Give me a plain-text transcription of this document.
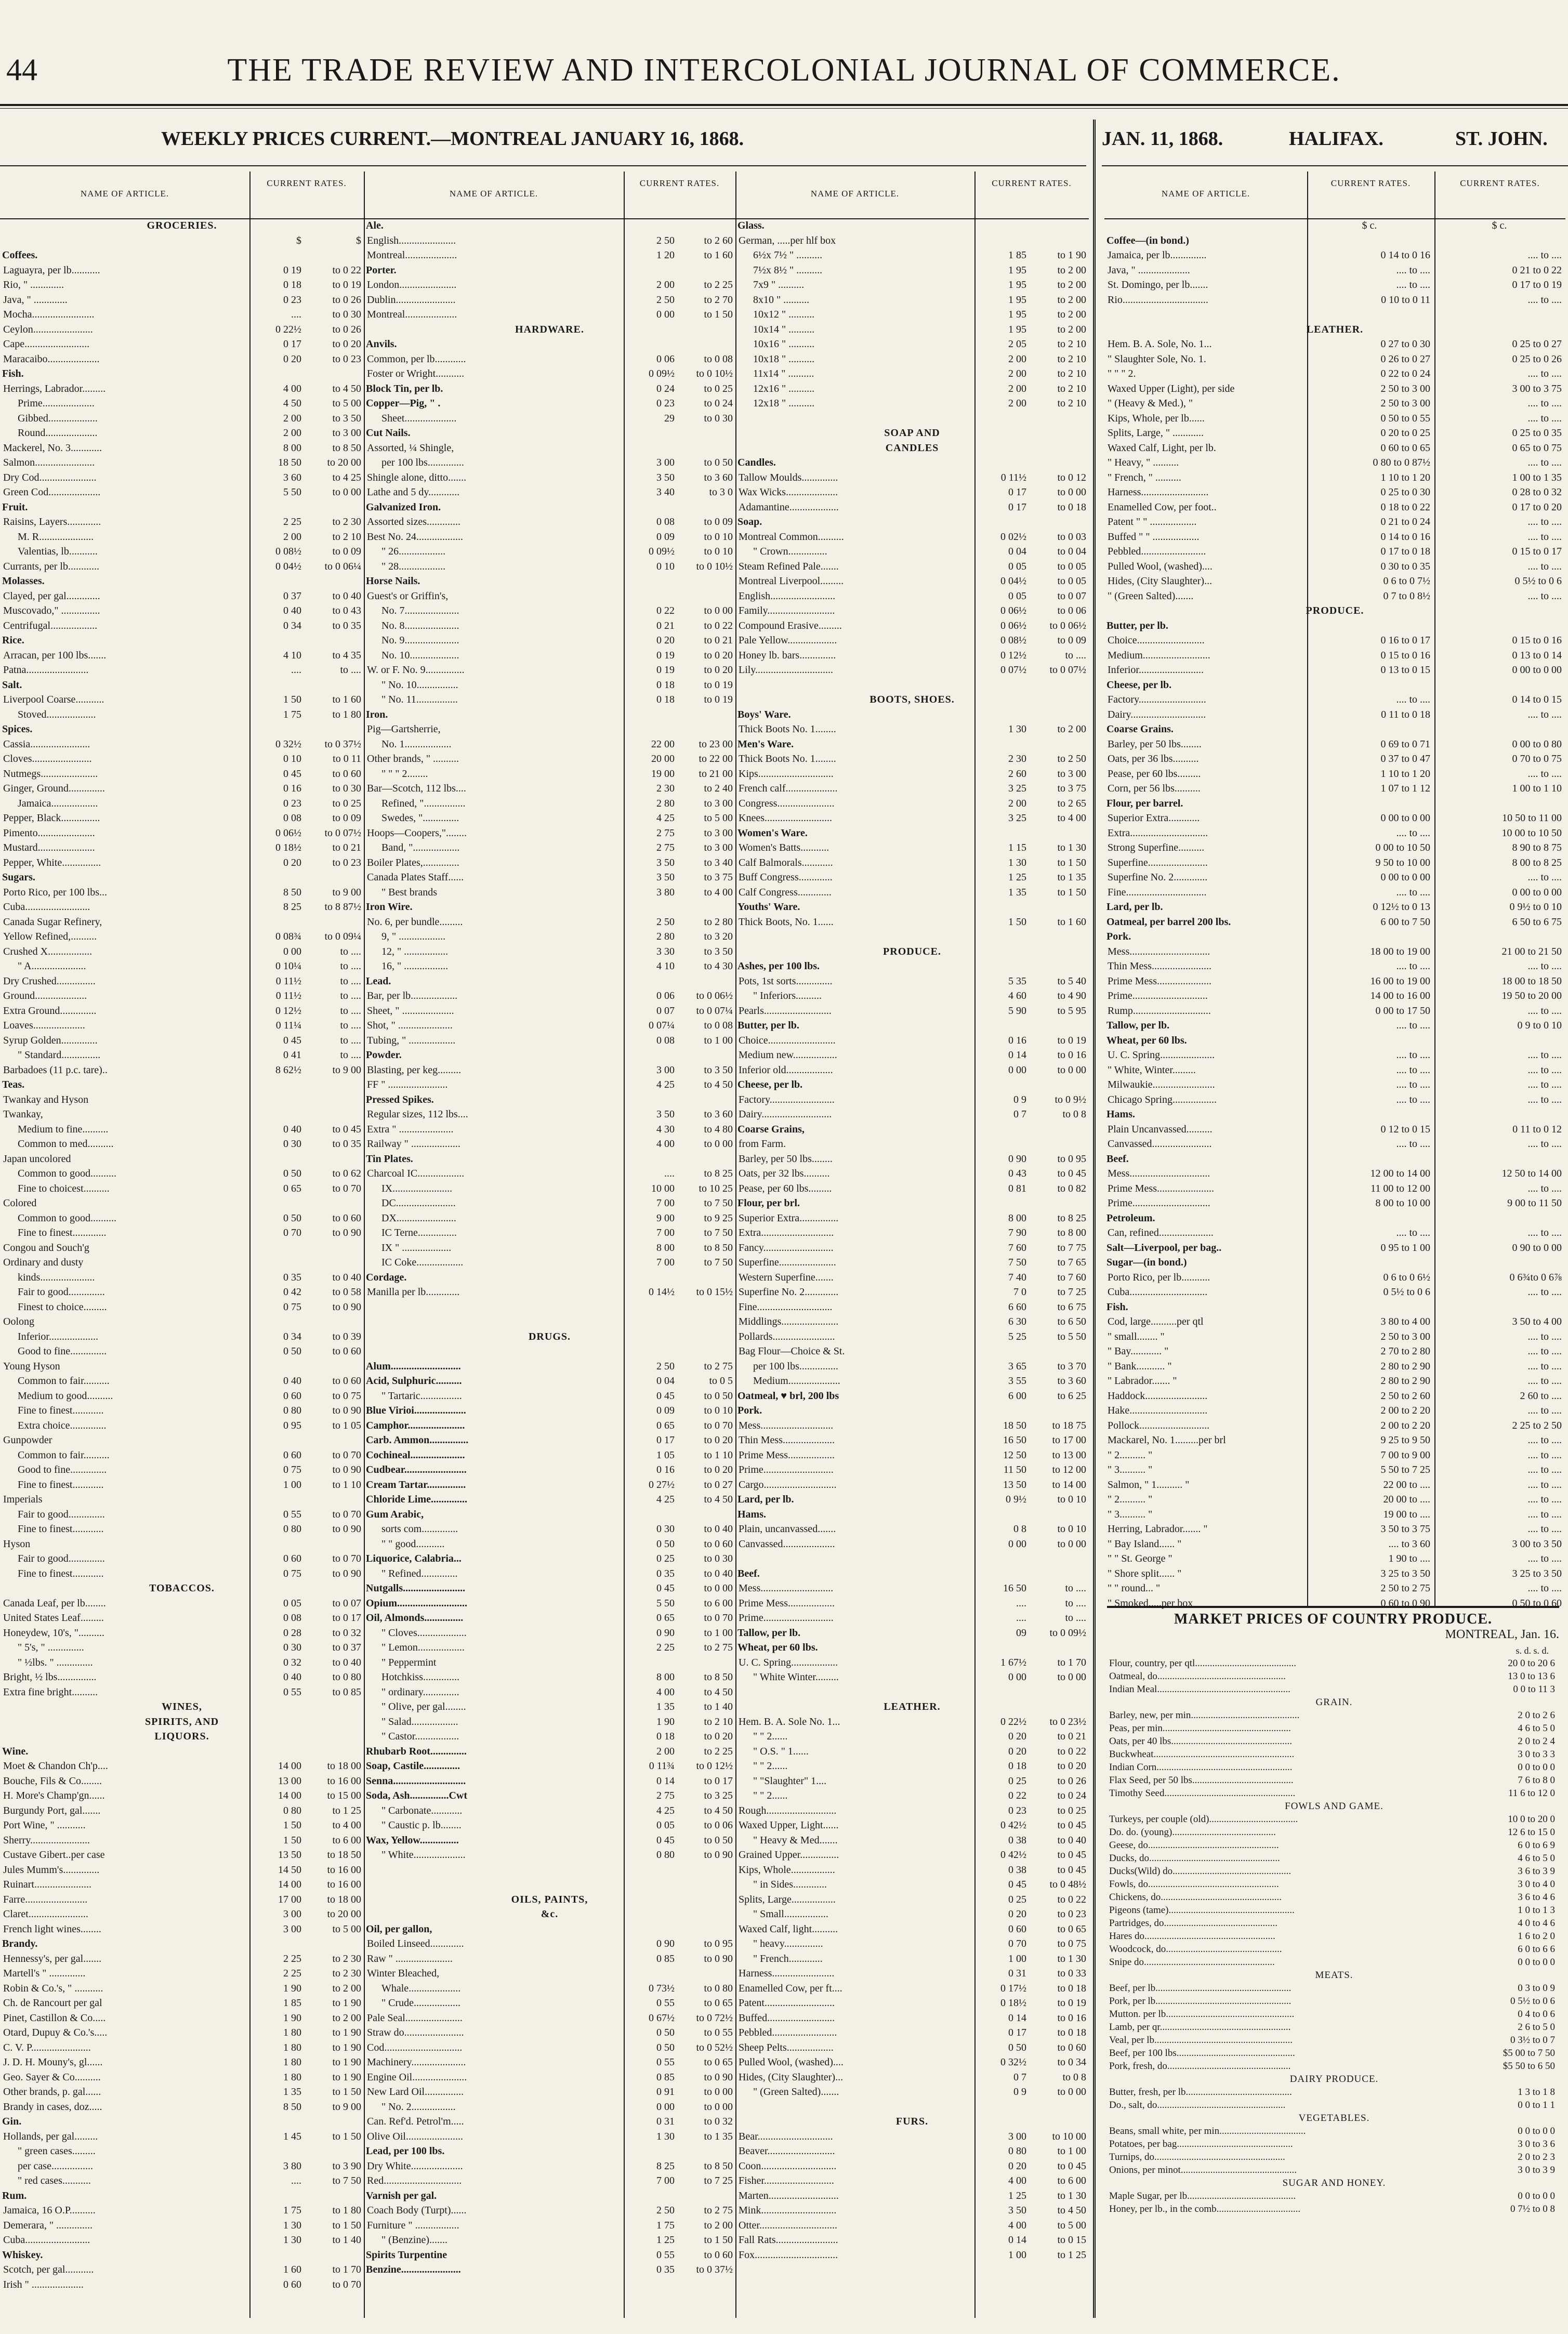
44	THE TRADE REVIEW AND INTERCOLONIAL JOURNAL OF COMMERCE.
WEEKLY PRICES CURRENT.—MONTREAL JANUARY 16, 1868.	JAN. 11, 1868.	HALIFAX.	ST. JOHN.
NAME OF ARTICLE.
CURRENT RATES.
NAME OF ARTICLE.
CURRENT RATES.
NAME OF ARTICLE.
CURRENT RATES.
NAME OF ARTICLE.
CURRENT RATES.	CURRENT RATES.
GROCERIES.
$	$
Coffees.
Laguayra, per lb...........	0 19	to 0 22
Rio, " .............	0 18	to 0 19
Java, " .............	0 23	to 0 26
Mocha........................	....	to 0 30
Ceylon.......................	0 22½	to 0 26
Cape.........................	0 17	to 0 20
Maracaibo....................	0 20	to 0 23
Fish.
Herrings, Labrador.........	4 00	to 4 50
Prime....................	4 50	to 5 00
Gibbed...................	2 00	to 3 50
Round....................	2 00	to 3 00
Mackerel, No. 3............	8 00	to 8 50
Salmon.......................	18 50	to 20 00
Dry Cod......................	3 60	to 4 25
Green Cod....................	5 50	to 0 00
Fruit.
Raisins, Layers.............	2 25	to 2 30
M. R.....................	2 00	to 2 10
Valentias, lb...........	0 08½	to 0 09
Currants, per lb............	0 04½	to 0 06¼
Molasses.
Clayed, per gal.............	0 37	to 0 40
Muscovado," ...............	0 40	to 0 43
Centrifugal..................	0 34	to 0 35
Rice.
Arracan, per 100 lbs.......	4 10	to 4 35
Patna........................	....	to ....
Salt.
Liverpool Coarse...........	1 50	to 1 60
Stoved...................	1 75	to 1 80
Spices.
Cassia.......................	0 32½	to 0 37½
Cloves.......................	0 10	to 0 11
Nutmegs......................	0 45	to 0 60
Ginger, Ground..............	0 16	to 0 30
Jamaica..................	0 23	to 0 25
Pepper, Black...............	0 08	to 0 09
Pimento......................	0 06½	to 0 07½
Mustard......................	0 18½	to 0 21
Pepper, White...............	0 20	to 0 23
Sugars.
Porto Rico, per 100 lbs...	8 50	to 9 00
Cuba.........................	8 25	to 8 87½
Canada Sugar Refinery,
Yellow Refined,..........	0 08¾	to 0 09¼
Crushed X.................	0 00	to ....
" A.....................	0 10¼	to ....
Dry Crushed...............	0 11½	to ....
Ground....................	0 11½	to ....
Extra Ground..............	0 12½	to ....
Loaves....................	0 11¼	to ....
Syrup Golden..............	0 45	to ....
" Standard...............	0 41	to ....
Barbadoes (11 p.c. tare)..	8 62½	to 9 00
Teas.
Twankay and Hyson
Twankay,
Medium to fine..........	0 40	to 0 45
Common to med..........	0 30	to 0 35
Japan uncolored
Common to good..........	0 50	to 0 62
Fine to choicest..........	0 65	to 0 70
Colored
Common to good..........	0 50	to 0 60
Fine to finest.............	0 70	to 0 90
Congou and Souch'g
Ordinary and dusty
kinds.....................	0 35	to 0 40
Fair to good..............	0 42	to 0 58
Finest to choice.........	0 75	to 0 90
Oolong
Inferior...................	0 34	to 0 39
Good to fine..............	0 50	to 0 60
Young Hyson
Common to fair..........	0 40	to 0 60
Medium to good..........	0 60	to 0 75
Fine to finest............	0 80	to 0 90
Extra choice..............	0 95	to 1 05
Gunpowder
Common to fair..........	0 60	to 0 70
Good to fine..............	0 75	to 0 90
Fine to finest............	1 00	to 1 10
Imperials
Fair to good..............	0 55	to 0 70
Fine to finest............	0 80	to 0 90
Hyson
Fair to good..............	0 60	to 0 70
Fine to finest............	0 75	to 0 90
TOBACCOS.
Canada Leaf, per lb........	0 05	to 0 07
United States Leaf.........	0 08	to 0 17
Honeydew, 10's, "..........	0 28	to 0 32
" 5's, " ..............	0 30	to 0 37
" ½lbs. " ..............	0 32	to 0 40
Bright, ½ lbs...............	0 40	to 0 80
Extra fine bright..........	0 55	to 0 85
WINES,
SPIRITS, AND
LIQUORS.
Wine.
Moet & Chandon Ch'p....	14 00	to 18 00
Bouche, Fils & Co........	13 00	to 16 00
H. More's Champ'gn......	14 00	to 15 00
Burgundy Port, gal.......	0 80	to 1 25
Port Wine, " ...........	1 50	to 4 00
Sherry.......................	1 50	to 6 00
Custave Gibert..per case	13 50	to 18 50
Jules Mumm's..............	14 50	to 16 00
Ruinart......................	14 00	to 16 00
Farre........................	17 00	to 18 00
Claret.......................	3 00	to 20 00
French light wines........	3 00	to 5 00
Brandy.
Hennessy's, per gal.......	2 25	to 2 30
Martell's " ..............	2 25	to 2 30
Robin & Co.'s, " ...........	1 90	to 2 00
Ch. de Rancourt per gal	1 85	to 1 90
Pinet, Castillon & Co.....	1 90	to 2 00
Otard, Dupuy & Co.'s.....	1 80	to 1 90
C. V. P.......................	1 80	to 1 90
J. D. H. Mouny's, gl......	1 80	to 1 90
Geo. Sayer & Co..........	1 80	to 1 90
Other brands, p. gal......	1 35	to 1 50
Brandy in cases, doz.....	8 50	to 9 00
Gin.
Hollands, per gal.........	1 45	to 1 50
" green cases.........
per case................	3 80	to 3 90
" red cases...........	....	to 7 50
Rum.
Jamaica, 16 O.P..........	1 75	to 1 80
Demerara, " ..............	1 30	to 1 50
Cuba.........................	1 30	to 1 40
Whiskey.
Scotch, per gal...........	1 60	to 1 70
Irish " ....................	0 60	to 0 70
Ale.
English......................	2 50	to 2 60
Montreal....................	1 20	to 1 60
Porter.
London......................	2 00	to 2 25
Dublin.......................	2 50	to 2 70
Montreal....................	0 00	to 1 50
HARDWARE.
Anvils.
Common, per lb............	0 06	to 0 08
Foster or Wright...........	0 09½	to 0 10½
Block Tin, per lb.	0 24	to 0 25
Copper—Pig, " .	0 23	to 0 24
Sheet....................	29	to 0 30
Cut Nails.
Assorted, ¼ Shingle,
per 100 lbs..............	3 00	to 0 50
Shingle alone, ditto.......	3 50	to 3 60
Lathe and 5 dy............	3 40	to 3 0
Galvanized Iron.
Assorted sizes.............	0 08	to 0 09
Best No. 24..................	0 09	to 0 10
" 26..................	0 09½	to 0 10
" 28..................	0 10	to 0 10½
Horse Nails.
Guest's or Griffin's,
No. 7.....................	0 22	to 0 00
No. 8.....................	0 21	to 0 22
No. 9.....................	0 20	to 0 21
No. 10...................	0 19	to 0 20
W. or F. No. 9...............	0 19	to 0 20
" No. 10................	0 18	to 0 19
" No. 11................	0 18	to 0 19
Iron.
Pig—Gartsherrie,
No. 1..................	22 00	to 23 00
Other brands, " ..........	20 00	to 22 00
" " " 2........	19 00	to 21 00
Bar—Scotch, 112 lbs....	2 30	to 2 40
Refined, "................	2 80	to 3 00
Swedes, "..............	4 25	to 5 00
Hoops—Coopers,"........	2 75	to 3 00
Band, "..................	2 75	to 3 00
Boiler Plates,..............	3 50	to 3 40
Canada Plates Staff......	3 50	to 3 75
" Best brands	3 80	to 4 00
Iron Wire.
No. 6, per bundle.........	2 50	to 2 80
9, " ..................	2 80	to 3 20
12, " .................	3 30	to 3 50
16, " .................	4 10	to 4 30
Lead.
Bar, per lb..................	0 06	to 0 06½
Sheet, " ....................	0 07	to 0 07¼
Shot, " .....................	0 07¼	to 0 08
Tubing, " ..................	0 08	to 1 00
Powder.
Blasting, per keg.........	3 00	to 3 50
FF " .......................	4 25	to 4 50
Pressed Spikes.
Regular sizes, 112 lbs....	3 50	to 3 60
Extra " .....................	4 30	to 4 80
Railway " ...................	4 00	to 0 00
Tin Plates.
Charcoal IC..................	....	to 8 25
IX.......................	10 00	to 10 25
DC.......................	7 00	to 7 50
DX.......................	9 00	to 9 25
IC Terne...............	7 00	to 7 50
IX " ...................	8 00	to 8 50
IC Coke..................	7 00	to 7 50
Cordage.
Manilla per lb.............	0 14½	to 0 15½
DRUGS.
Alum...........................	2 50	to 2 75
Acid, Sulphuric..........	0 04	to 0 5
" Tartaric................	0 45	to 0 50
Blue Virioi....................	0 09	to 0 10
Camphor......................	0 65	to 0 70
Carb. Ammon...............	0 17	to 0 20
Cochineal.....................	1 05	to 1 10
Cudbear........................	0 16	to 0 20
Cream Tartar...............	0 27½	to 0 27
Chloride Lime..............	4 25	to 4 50
Gum Arabic,
sorts com..............	0 30	to 0 40
" " good...........	0 50	to 0 60
Liquorice, Calabria...	0 25	to 0 30
" Refined..............	0 35	to 0 40
Nutgalls........................	0 45	to 0 00
Opium...........................	5 50	to 6 00
Oil, Almonds...............	0 65	to 0 70
" Cloves...................	0 90	to 1 00
" Lemon..................	2 25	to 2 75
" Peppermint
Hotchkiss..............	8 00	to 8 50
" ordinary..............	4 00	to 4 50
" Olive, per gal........	1 35	to 1 40
" Salad..................	1 90	to 2 10
" Castor.................	0 18	to 0 20
Rhubarb Root..............	2 00	to 2 25
Soap, Castile..............	0 11¾	to 0 12½
Senna............................	0 14	to 0 17
Soda, Ash...............Cwt	2 75	to 3 25
" Carbonate............	4 25	to 4 50
" Caustic p. lb........	0 05	to 0 06
Wax, Yellow...............	0 45	to 0 50
" White....................	0 80	to 0 90
OILS, PAINTS,
&c.
Oil, per gallon,
Boiled Linseed.............	0 90	to 0 95
Raw " ......................	0 85	to 0 90
Winter Bleached,
Whale....................	0 73½	to 0 80
" Crude..................	0 55	to 0 65
Pale Seal......................	0 67½	to 0 72½
Straw do.......................	0 50	to 0 55
Cod..............................	0 50	to 0 52½
Machinery.....................	0 55	to 0 65
Engine Oil.....................	0 85	to 0 90
New Lard Oil...............	0 91	to 0 00
" No. 2.................	0 00	to 0 00
Can. Ref'd. Petrol'm.....	0 31	to 0 32
Olive Oil......................	1 30	to 1 35
Lead, per 100 lbs.
Dry White....................	8 25	to 8 50
Red..............................	7 00	to 7 25
Varnish per gal.
Coach Body (Turpt)......	2 50	to 2 75
Furniture " .................	1 75	to 2 00
" (Benzine).......	1 25	to 1 50
Spirits Turpentine	0 55	to 0 60
Benzine.......................	0 35	to 0 37½
Glass.
German, .....per hlf box
6½x 7½ " ..........	1 85	to 1 90
7½x 8½ " ..........	1 95	to 2 00
7x9 " ..........	1 95	to 2 00
8x10 " ..........	1 95	to 2 00
10x12 " ..........	1 95	to 2 00
10x14 " ..........	1 95	to 2 00
10x16 " ..........	2 05	to 2 10
10x18 " ..........	2 00	to 2 10
11x14 " ..........	2 00	to 2 10
12x16 " ..........	2 00	to 2 10
12x18 " ..........	2 00	to 2 10
SOAP AND
CANDLES
Candles.
Tallow Moulds..............	0 11½	to 0 12
Wax Wicks....................	0 17	to 0 00
Adamantine...................	0 17	to 0 18
Soap.
Montreal Common..........	0 02½	to 0 03
" Crown...............	0 04	to 0 04
Steam Refined Pale.......	0 05	to 0 05
Montreal Liverpool.........	0 04½	to 0 05
English.........................	0 05	to 0 07
Family..........................	0 06½	to 0 06
Compound Erasive.........	0 06½	to 0 06½
Pale Yellow...................	0 08½	to 0 09
Honey lb. bars..............	0 12½	to ....
Lily..............................	0 07½	to 0 07½
BOOTS, SHOES.
Boys' Ware.
Thick Boots No. 1........	1 30	to 2 00
Men's Ware.
Thick Boots No. 1........	2 30	to 2 50
Kips.............................	2 60	to 3 00
French calf....................	3 25	to 3 75
Congress......................	2 00	to 2 65
Knees..........................	3 25	to 4 00
Women's Ware.
Women's Batts...........	1 15	to 1 30
Calf Balmorals............	1 30	to 1 50
Buff Congress.............	1 25	to 1 35
Calf Congress.............	1 35	to 1 50
Youths' Ware.
Thick Boots, No. 1......	1 50	to 1 60
PRODUCE.
Ashes, per 100 lbs.
Pots, 1st sorts..............	5 35	to 5 40
" Inferiors..........	4 60	to 4 90
Pearls..........................	5 90	to 5 95
Butter, per lb.
Choice..........................	0 16	to 0 19
Medium new.................	0 14	to 0 16
Inferior old..................	0 00	to 0 00
Cheese, per lb.
Factory.........................	0 9	to 0 9½
Dairy...........................	0 7	to 0 8
Coarse Grains,
from Farm.
Barley, per 50 lbs........	0 90	to 0 95
Oats, per 32 lbs..........	0 43	to 0 45
Pease, per 60 lbs.........	0 81	to 0 82
Flour, per brl.
Superior Extra...............	8 00	to 8 25
Extra............................	7 90	to 8 00
Fancy...........................	7 60	to 7 75
Superfine......................	7 50	to 7 65
Western Superfine.......	7 40	to 7 60
Superfine No. 2.............	7 0	to 7 25
Fine.............................	6 60	to 6 75
Middlings......................	6 30	to 6 50
Pollards........................	5 25	to 5 50
Bag Flour—Choice & St.
per 100 lbs...............	3 65	to 3 70
Medium....................	3 55	to 3 60
Oatmeal, ♥ brl, 200 lbs	6 00	to 6 25
Pork.
Mess............................	18 50	to 18 75
Thin Mess....................	16 50	to 17 00
Prime Mess..................	12 50	to 13 00
Prime...........................	11 50	to 12 00
Cargo............................	13 50	to 14 00
Lard, per lb.	0 9½	to 0 10
Hams.
Plain, uncanvassed.......	0 8	to 0 10
Canvassed....................	0 00	to 0 00
Beef.
Mess............................	16 50	to ....
Prime Mess..................	....	to ....
Prime...........................	....	to ....
Tallow, per lb.	09	to 0 09½
Wheat, per 60 lbs.
U. C. Spring..................	1 67½	to 1 70
" White Winter.........	0 00	to 0 00
LEATHER.
Hem. B. A. Sole No. 1...	0 22½	to 0 23½
" " 2......	0 20	to 0 21
" O.S. " 1......	0 20	to 0 22
" " 2......	0 18	to 0 20
" "Slaughter" 1....	0 25	to 0 26
" " 2......	0 22	to 0 24
Rough...........................	0 23	to 0 25
Waxed Upper, Light......	0 42½	to 0 45
" Heavy & Med.......	0 38	to 0 40
Grained Upper...............	0 42½	to 0 45
Kips, Whole.................	0 38	to 0 45
" in Sides.............	0 45	to 0 48½
Splits, Large.................	0 25	to 0 22
" Small.................	0 20	to 0 23
Waxed Calf, light..........	0 60	to 0 65
" heavy...............	0 70	to 0 75
" French.............	1 00	to 1 30
Harness........................	0 31	to 0 33
Enamelled Cow, per ft....	0 17½	to 0 18
Patent...........................	0 18½	to 0 19
Buffed..........................	0 14	to 0 16
Pebbled.........................	0 17	to 0 18
Sheep Pelts..................	0 50	to 0 60
Pulled Wool, (washed)....	0 32½	to 0 34
Hides, (City Slaughter)...	0 7	to 0 8
" (Green Salted).......	0 9	to 0 00
FURS.
Bear.............................	3 00	to 10 00
Beaver..........................	0 80	to 1 00
Coon.............................	0 20	to 0 45
Fisher...........................	4 00	to 6 00
Marten...........................	1 25	to 1 30
Mink.............................	3 50	to 4 50
Otter..............................	4 00	to 5 00
Fall Rats........................	0 14	to 0 15
Fox................................	1 00	to 1 25
$ c.	$ c.
Coffee—(in bond.)
Jamaica, per lb..............	0 14 to 0 16	.... to ....
Java, " ....................	.... to ....	0 21 to 0 22
St. Domingo, per lb.......	.... to ....	0 17 to 0 19
Rio.................................	0 10 to 0 11	.... to ....
LEATHER.
Hem. B. A. Sole, No. 1...	0 27 to 0 30	0 25 to 0 27
" Slaughter Sole, No. 1.	0 26 to 0 27	0 25 to 0 26
" " " 2.	0 22 to 0 24	.... to ....
Waxed Upper (Light), per side	2 50 to 3 00	3 00 to 3 75
" (Heavy & Med.), "	2 50 to 3 00	.... to ....
Kips, Whole, per lb......	0 50 to 0 55	.... to ....
Splits, Large, " ............	0 20 to 0 25	0 25 to 0 35
Waxed Calf, Light, per lb.	0 60 to 0 65	0 65 to 0 75
" Heavy, " ..........	0 80 to 0 87½	.... to ....
" French, " ..........	1 10 to 1 20	1 00 to 1 35
Harness..........................	0 25 to 0 30	0 28 to 0 32
Enamelled Cow, per foot..	0 18 to 0 22	0 17 to 0 20
Patent " " ..................	0 21 to 0 24	.... to ....
Buffed " " ..................	0 14 to 0 16	.... to ....
Pebbled.........................	0 17 to 0 18	0 15 to 0 17
Pulled Wool, (washed)....	0 30 to 0 35	.... to ....
Hides, (City Slaughter)...	0 6 to 0 7½	0 5½ to 0 6
" (Green Salted).......	0 7 to 0 8½	.... to ....
PRODUCE.
Butter, per lb.
Choice..........................	0 16 to 0 17	0 15 to 0 16
Medium..........................	0 15 to 0 16	0 13 to 0 14
Inferior.........................	0 13 to 0 15	0 00 to 0 00
Cheese, per lb.
Factory..........................	.... to ....	0 14 to 0 15
Dairy.............................	0 11 to 0 18	.... to ....
Coarse Grains.
Barley, per 50 lbs........	0 69 to 0 71	0 00 to 0 80
Oats, per 36 lbs..........	0 37 to 0 47	0 70 to 0 75
Pease, per 60 lbs.........	1 10 to 1 20	.... to ....
Corn, per 56 lbs..........	1 07 to 1 12	1 00 to 1 10
Flour, per barrel.
Superior Extra............	0 00 to 0 00	10 50 to 11 00
Extra..............................	.... to ....	10 00 to 10 50
Strong Superfine..........	0 00 to 10 50	8 90 to 8 75
Superfine.......................	9 50 to 10 00	8 00 to 8 25
Superfine No. 2.............	0 00 to 0 00	.... to ....
Fine...............................	.... to ....	0 00 to 0 00
Lard, per lb.	0 12½ to 0 13	0 9½ to 0 10
Oatmeal, per barrel 200 lbs.	6 00 to 7 50	6 50 to 6 75
Pork.
Mess...............................	18 00 to 19 00	21 00 to 21 50
Thin Mess.......................	.... to ....	.... to ....
Prime Mess.....................	16 00 to 19 00	18 00 to 18 50
Prime.............................	14 00 to 16 00	19 50 to 20 00
Rump..............................	0 00 to 17 50	.... to ....
Tallow, per lb.	.... to ....	0 9 to 0 10
Wheat, per 60 lbs.
U. C. Spring.....................	.... to ....	.... to ....
" White, Winter.........	.... to ....	.... to ....
Milwaukie........................	.... to ....	.... to ....
Chicago Spring.................	.... to ....	.... to ....
Hams.
Plain Uncanvassed..........	0 12 to 0 15	0 11 to 0 12
Canvassed.......................	.... to ....	.... to ....
Beef.
Mess...............................	12 00 to 14 00	12 50 to 14 00
Prime Mess......................	11 00 to 12 00	.... to ....
Prime..............................	8 00 to 10 00	9 00 to 11 50
Petroleum.
Can, refined.....................	.... to ....	.... to ....
Salt—Liverpool, per bag..	0 95 to 1 00	0 90 to 0 00
Sugar—(in bond.)
Porto Rico, per lb...........	0 6 to 0 6½	0 6¾to 0 6⅞
Cuba..............................	0 5½ to 0 6	.... to ....
Fish.
Cod, large..........per qtl	3 80 to 4 00	3 50 to 4 00
" small........ "	2 50 to 3 00	.... to ....
" Bay............ "	2 70 to 2 80	.... to ....
" Bank........... "	2 80 to 2 90	.... to ....
" Labrador....... "	2 80 to 2 90	.... to ....
Haddock........................	2 50 to 2 60	2 60 to ....
Hake..............................	2 00 to 2 20	.... to ....
Pollock...........................	2 00 to 2 20	2 25 to 2 50
Mackarel, No. 1.........per brl	9 25 to 9 50	.... to ....
" 2.......... "	7 00 to 9 00	.... to ....
" 3.......... "	5 50 to 7 25	.... to ....
Salmon, " 1.......... "	22 00 to ....	.... to ....
" 2.......... "	20 00 to ....	.... to ....
" 3.......... "	19 00 to ....	.... to ....
Herring, Labrador....... "	3 50 to 3 75	.... to ....
" Bay Island...... "	.... to 3 60	3 00 to 3 50
" " St. George "	1 90 to ....	.... to ....
" Shore split...... "	3 25 to 3 50	3 25 to 3 50
" " round... "	2 50 to 2 75	.... to ....
" Smoked.....per box	0 60 to 0 90	0 50 to 0 60
MARKET PRICES OF COUNTRY PRODUCE.
MONTREAL, Jan. 16.
s. d. s. d.
Flour, country, per qtl.........................................	20 0 to 20 6
Oatmeal, do....................................................	13 0 to 13 6
Indian Meal......................................................	0 0 to 11 3
GRAIN.
Barley, new, per min............................................	2 0 to 2 6
Peas, per min....................................................	4 6 to 5 0
Oats, per 40 lbs.................................................	2 0 to 2 4
Buckwheat.........................................................	3 0 to 3 3
Indian Corn.......................................................	0 0 to 0 0
Flax Seed, per 50 lbs.........................................	7 6 to 8 0
Timothy Seed.....................................................	11 6 to 12 0
FOWLS AND GAME.
Turkeys, per couple (old)....................................	10 0 to 20 0
Do. do. (young)..........................................	12 6 to 15 0
Geese, do.....................................................	6 0 to 6 9
Ducks, do.....................................................	4 6 to 5 0
Ducks(Wild) do................................................	3 6 to 3 9
Fowls, do.....................................................	3 0 to 4 0
Chickens, do.................................................	3 6 to 4 6
Pigeons (tame)...................................................	1 0 to 1 3
Partridges, do..............................................	4 0 to 4 6
Hares do.....................................................	1 6 to 2 0
Woodcock, do...............................................	6 0 to 6 6
Snipe do.....................................................	0 0 to 0 0
MEATS.
Beef, per lb.......................................................	0 3 to 0 9
Pork, per lb.......................................................	0 5½ to 0 6
Mutton. per lb....................................................	0 4 to 0 6
Lamb, per qr.....................................................	2 6 to 5 0
Veal, per lb........................................................	0 3½ to 0 7
Beef, per 100 lbs................................................	$5 00 to 7 50
Pork, fresh, do..................................................	$5 50 to 6 50
DAIRY PRODUCE.
Butter, fresh, per lb...........................................	1 3 to 1 8
Do., salt, do....................................................	0 0 to 1 1
VEGETABLES.
Beans, small white, per min...................................	0 0 to 0 0
Potatoes, per bag...............................................	3 0 to 3 6
Turnips, do.....................................................	2 0 to 2 3
Onions, per minot...............................................	3 0 to 3 9
SUGAR AND HONEY.
Maple Sugar, per lb............................................	0 0 to 0 0
Honey, per lb., in the comb..................................	0 7½ to 0 8
